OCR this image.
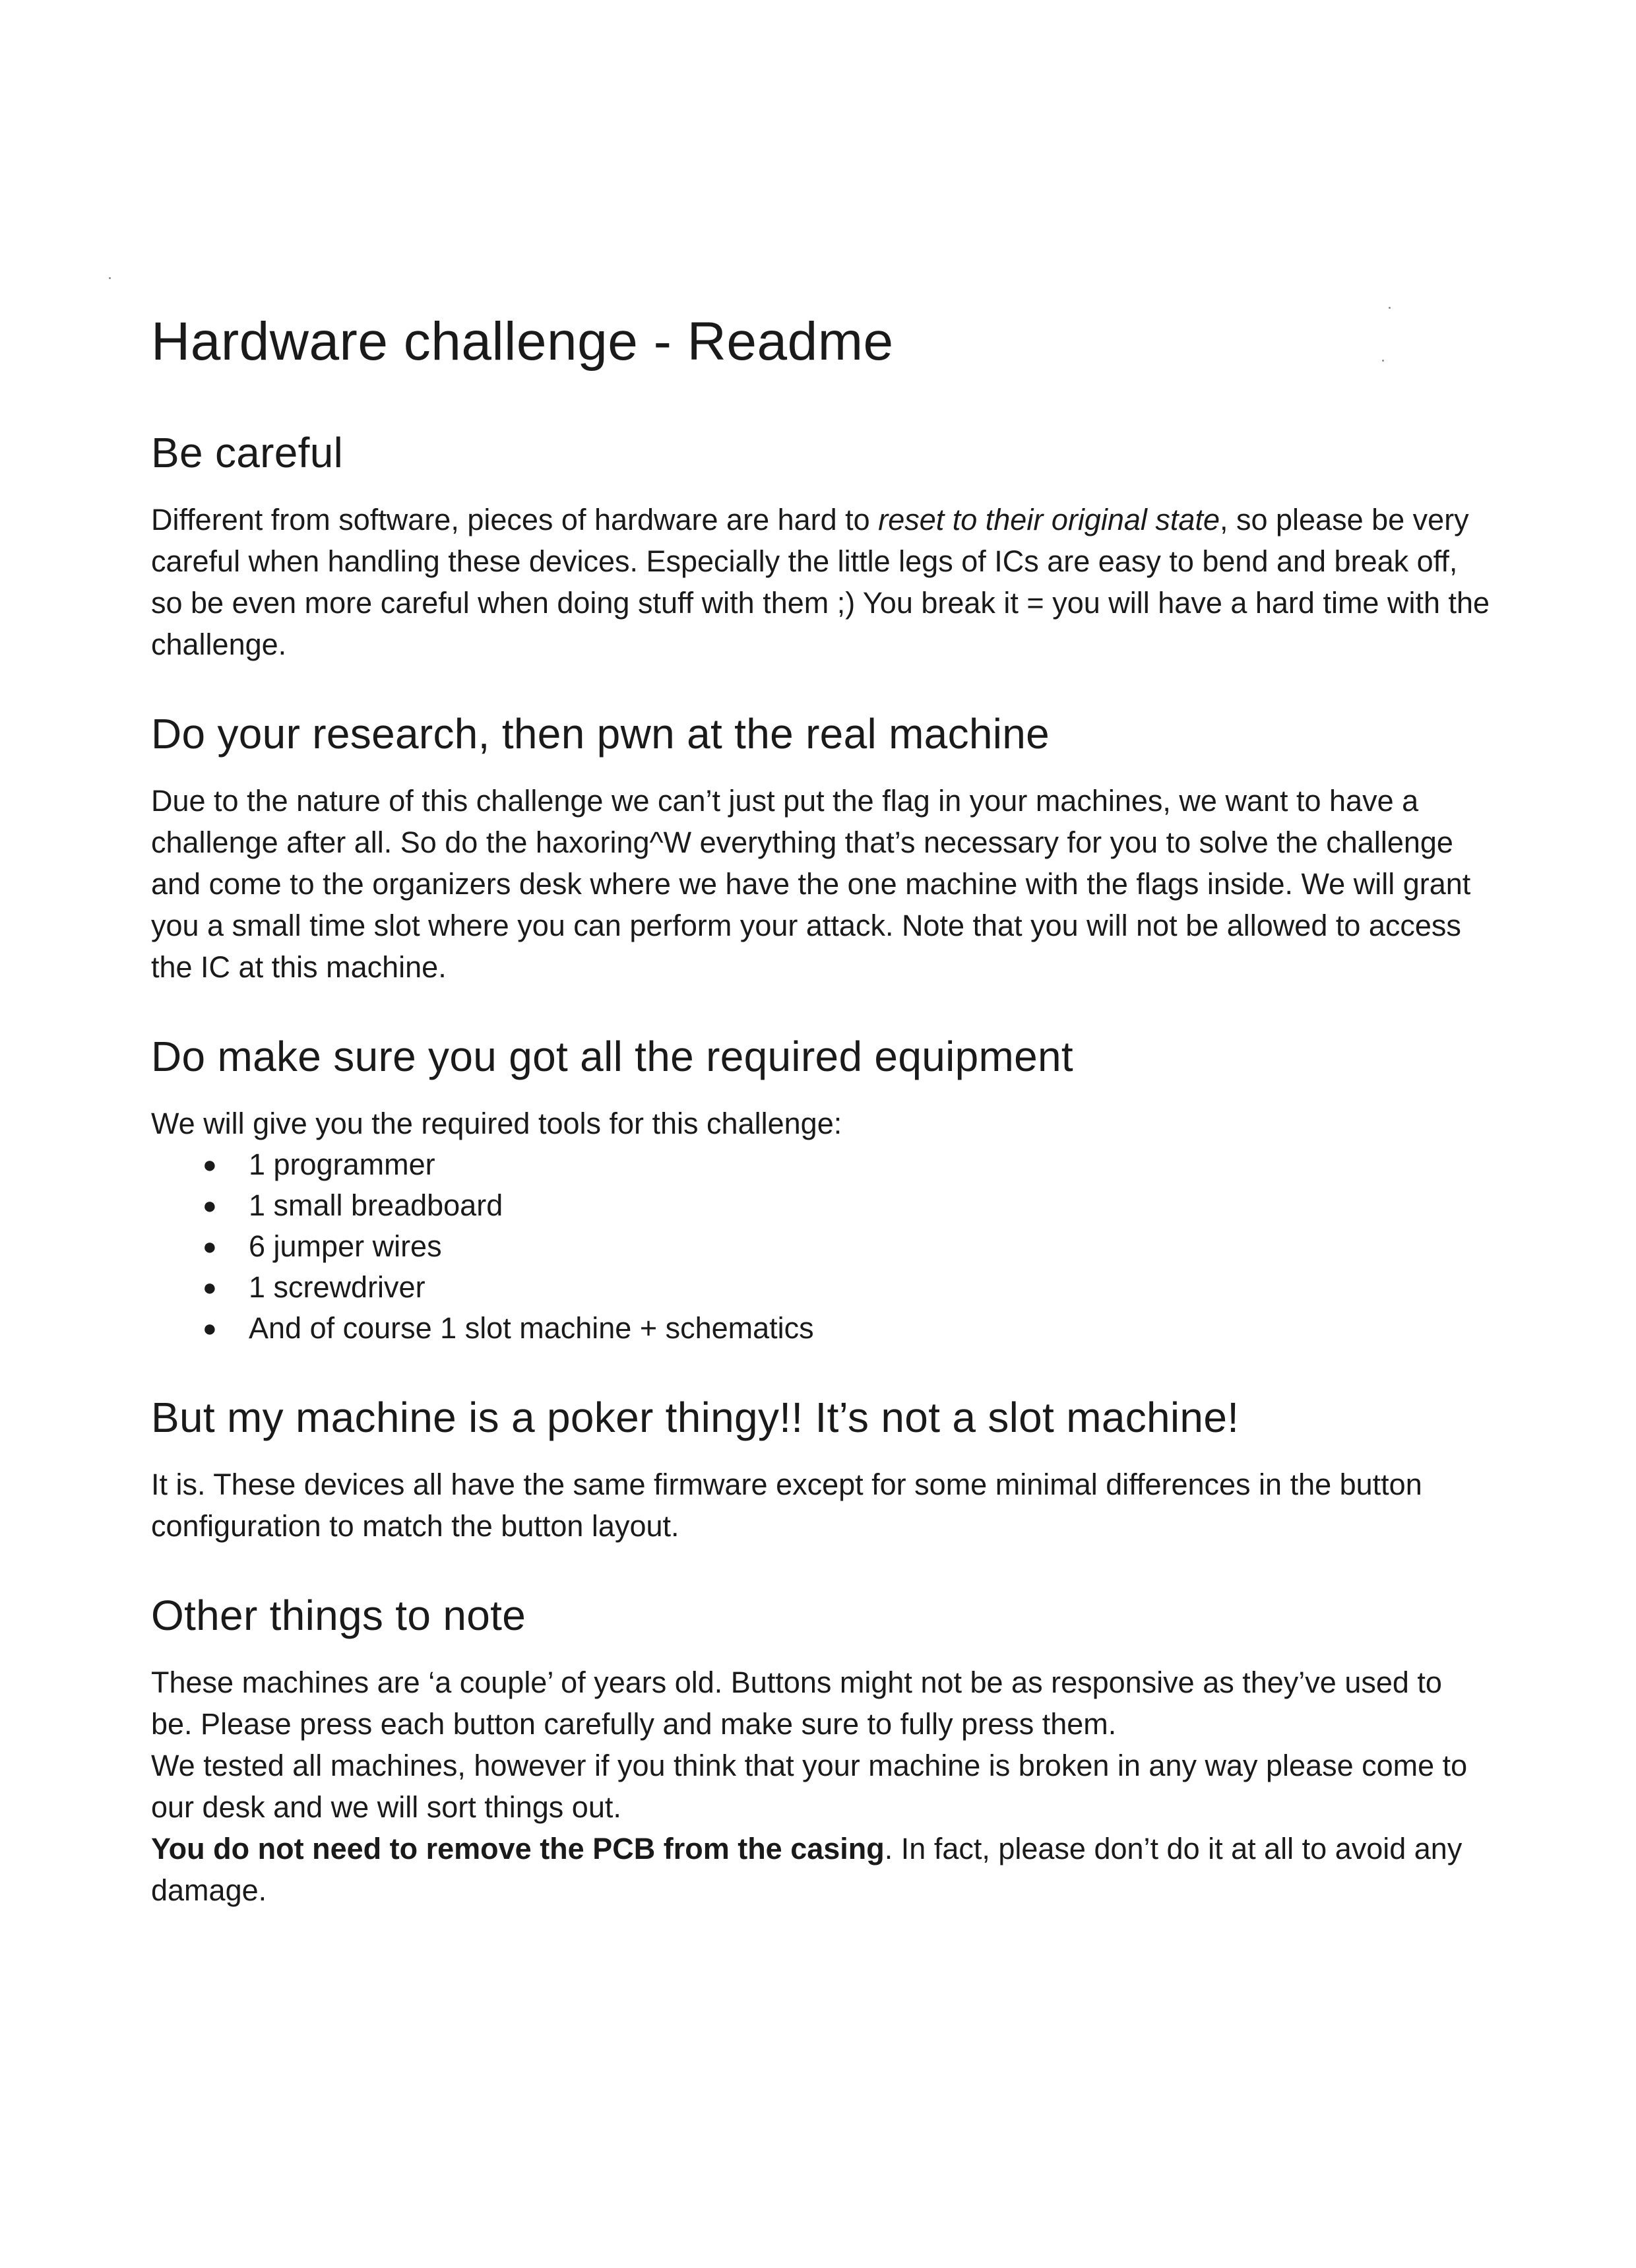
Hardware challenge - Readme
Be careful

Different from software, pieces of hardware are hard to reset to their original state, so please be very careful when handling these devices. Especially the little legs of ICs are easy to bend and break off, so be even more careful when doing stuff with them ;) You break it = you will have a hard time with the challenge.

Do your research, then pwn at the real machine

Due to the nature of this challenge we can’t just put the flag in your machines, we want to have a challenge after all. So do the haxoring^W everything that’s necessary for you to solve the challenge and come to the organizers desk where we have the one machine with the flags inside. We will grant you a small time slot where you can perform your attack. Note that you will not be allowed to access the IC at this machine.

Do make sure you got all the required equipment

We will give you the required tools for this challenge:

● 1 programmer
● 1 small breadboard
● 6 jumper wires
● 1 screwdriver
● And of course 1 slot machine + schematics
But my machine is a poker thingy!! It’s not a slot machine!

It is. These devices all have the same firmware except for some minimal differences in the button configuration to match the button layout.

Other things to note

These machines are ‘a couple’ of years old. Buttons might not be as responsive as they’ve used to be. Please press each button carefully and make sure to fully press them.

We tested all machines, however if you think that your machine is broken in any way please come to our desk and we will sort things out.

You do not need to remove the PCB from the casing. In fact, please don’t do it at all to avoid any damage.
